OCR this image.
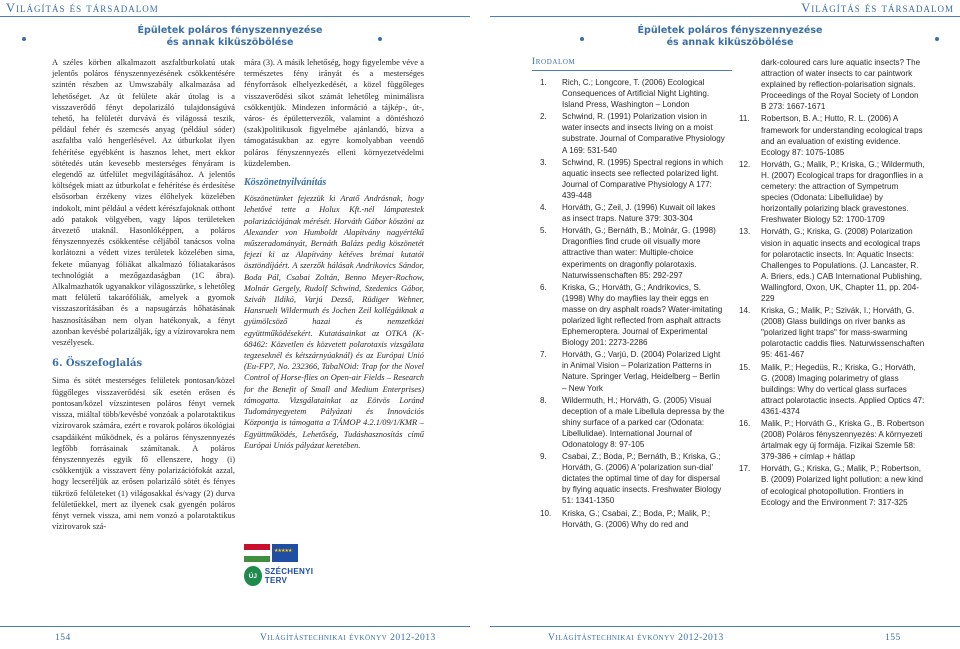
Világítás és társadalom	Világítás és társadalom
Épületek poláros fényszennyezése
és annak kiküszöbölése
Épületek poláros fényszennyezése
és annak kiküszöbölése

A széles körben alkalmazott aszfaltburkolatú utak jelentős poláros fényszennyezésének csökkentésére szintén részben az Umwszabály alkalmazása ad lehetőséget. Az út felülete akár útolag is a visszaverődő fényt depolarizáló tulajdonságúvá tehető, ha felületét durvává és világossá teszik, például fehér és szemcsés anyag (például sóder) aszfaltba való hengerlésével. Az útburkolat ilyen fehérítése egyébként is hasznos lehet, mert ekkor sötétedés után kevesebb mesterséges fényáram is elegendő az útfelület megvilágításához. A jelentős költségek miatt az útburkolat e fehérítése és érdesítése elsősorban érzékeny vizes élőhelyek közelében indokolt, mint például a védett kérészfajoknak otthont adó patakok völgyében, vagy lápos területeken átvezető utaknál. Hasonlóképpen, a poláros fényszennyezés csökkentése céljából tanácsos volna korlátozni a védett vizes területek közelében sima, fekete műanyag fóliákat alkalmazó fóliatakarásos technológiát a mezőgazdaságban (1C ábra). Alkalmazhatók ugyanakkor világosszürke, s lehetőleg matt felületű takarófóliák, amelyek a gyomok visszaszorításában és a napsugárzás hőhatásának hasznosításában nem olyan hatékonyak, a fényt azonban kevésbé polarizálják, így a vízirovarokra nem veszélyesek.

6. Összefoglalás

Sima és sötét mesterséges felületek pontosan/közel függőleges visszaverődési sík esetén erősen és pontosan/közel vízszintesen poláros fényt vernek vissza, miáltal több/kevésbé vonzóak a polarotaktikus vízirovarok számára, ezért e rovarok poláros ökológiai csapdáiként működnek, és a poláros fényszennyezés legfőbb forrásainak számítanak. A poláros fényszennyezés egyik fő ellenszere, hogy (i) csökkentjük a visszavert fény polarizációfokát azzal, hogy lecseréljük az erősen polarizáló sötét és fényes tükröző felületeket (1) világosakkal és/vagy (2) durva felületűekkel, mert az ilyenek csak gyengén poláros fényt vernek vissza, ami nem vonzó a polarotaktikus vízirovarok szá-

mára (3). A másik lehetőség, hogy figyelembe véve a természetes fény irányát és a mesterséges fényforrások elhelyezkedését, a közel függőleges visszaverődési síkot számát lehetőleg minimálisra csökkentjük. Mindezen információ a tájkép-, út-, város- és épülettervezők, valamint a döntéshozó (szak)politikusok figyelmébe ajánlandó, bízva a támogatásukban az egyre komolyabban veendő poláros fényszennyezés elleni környezetvédelmi küzdelemben.

Köszönetnyilvánítás

Köszönetünket fejezzük ki Aratő Andrásnak, hogy lehetővé tette a Holux Kft.-nél lámpatestek polarizációjának mérését. Horváth Gábor köszöni az Alexander von Humboldt Alapítvány nagyértékű műszeradományát, Bernáth Balázs pedig köszönetét fejezi ki az Alapítvány kétéves brémai kutatói ösztöndíjáért. A szerzők hálásak Andrikovics Sándor, Boda Pál, Csabai Zoltán, Benno Meyer-Rochow, Molnár Gergely, Rudolf Schwind, Szedenics Gábor, Sziváh Ildikó, Varjú Dezső, Rüdiger Wehner, Hansrueli Wildermuth és Jochen Zeil kollégáiknak a gyümölcsöző hazai és nemzetközi együttműködésekért. Kutatásainkat az OTKA (K-68462: Közvetlen és közvetett polarotaxis vizsgálata tegzeseknél és kétszárnyúaknál) és az Európai Unió (Eu-FP7, No. 232366, TabaNOid: Trap for the Novel Control of Horse-flies on Open-air Fields – Research for the Benefit of Small and Medium Enterprises) támogatta. Vizsgálatainkat az Eötvös Loránd Tudományegyetem Pályázati és Innovációs Központja is támogatta a TÁMOP 4.2.1/09/1/KMR – Együttműködés, Lehetőség, Tudáshasznosítás című Európai Uniós pályázat keretében.

★★★★★
ÚJ SZÉCHENYI TERV
Irodalom
1. Rich, C.; Longcore, T. (2006) Ecological Consequences of Artificial Night Lighting. Island Press, Washington – London
2. Schwind, R. (1991) Polarization vision in water insects and insects living on a moist substrate. Journal of Comparative Physiology A 169: 531-540
3. Schwind, R. (1995) Spectral regions in which aquatic insects see reflected polarized light. Journal of Comparative Physiology A 177: 439-448
4. Horváth, G.; Zeil, J. (1996) Kuwait oil lakes as insect traps. Nature 379: 303-304
5. Horváth, G.; Bernáth, B.; Molnár, G. (1998) Dragonflies find crude oil visually more attractive than water: Multiple-choice experiments on dragonfly polarotaxis. Naturwissenschaften 85: 292-297
6. Kriska, G.; Horváth, G.; Andrikovics, S. (1998) Why do mayflies lay their eggs en masse on dry asphalt roads? Water-imitating polarized light reflected from asphalt attracts Ephemeroptera. Journal of Experimental Biology 201: 2273-2286
7. Horváth, G.; Varjú, D. (2004) Polarized Light in Animal Vision – Polarization Patterns in Nature. Springer Verlag, Heidelberg – Berlin – New York
8. Wildermuth, H.; Horváth, G. (2005) Visual deception of a male Libellula depressa by the shiny surface of a parked car (Odonata: Libellulidae). International Journal of Odonatology 8: 97-105
9. Csabai, Z.; Boda, P.; Bernáth, B.; Kriska, G.; Horváth, G. (2006) A 'polarization sun-dial' dictates the optimal time of day for dispersal by flying aquatic insects. Freshwater Biology 51: 1341-1350
10. Kriska, G.; Csabai, Z.; Boda, P.; Malik, P.; Horváth, G. (2006) Why do red and
dark-coloured cars lure aquatic insects? The attraction of water insects to car paintwork explained by reflection-polarisation signals. Proceedings of the Royal Society of London B 273: 1667-1671
11. Robertson, B. A.; Hutto, R. L. (2006) A framework for understanding ecological traps and an evaluation of existing evidence. Ecology 87: 1075-1085
12. Horváth, G.; Malik, P.; Kriska, G.; Wildermuth, H. (2007) Ecological traps for dragonflies in a cemetery: the attraction of Sympetrum species (Odonata: Libellulidae) by horizontally polarizing black gravestones. Freshwater Biology 52: 1700-1709
13. Horváth, G.; Kriska, G. (2008) Polarization vision in aquatic insects and ecological traps for polarotactic insects. In: Aquatic Insects: Challenges to Populations. (J. Lancaster, R. A. Briers, eds.) CAB International Publishing, Wallingford, Oxon, UK, Chapter 11, pp. 204-229
14. Kriska, G.; Malik, P.; Szivák, I.; Horváth, G. (2008) Glass buildings on river banks as "polarized light traps" for mass-swarming polarotactic caddis flies. Naturwissenschaften 95: 461-467
15. Malik, P.; Hegedüs, R.; Kriska, G.; Horváth, G. (2008) Imaging polarimetry of glass buildings: Why do vertical glass surfaces attract polarotactic insects. Applied Optics 47: 4361-4374
16. Malik, P.; Horváth G., Kriska G., B. Robertson (2008) Poláros fényszennyezés: A környezeti ártalmak egy új formája. Fizikai Szemle 58: 379-386 + címlap + hátlap
17. Horváth, G.; Kriska, G.; Malik, P.; Robertson, B. (2009) Polarized light pollution: a new kind of ecological photopollution. Frontiers in Ecology and the Environment 7: 317-325
154	Világítástechnikai évkönyv 2012-2013	Világítástechnikai évkönyv 2012-2013	155
